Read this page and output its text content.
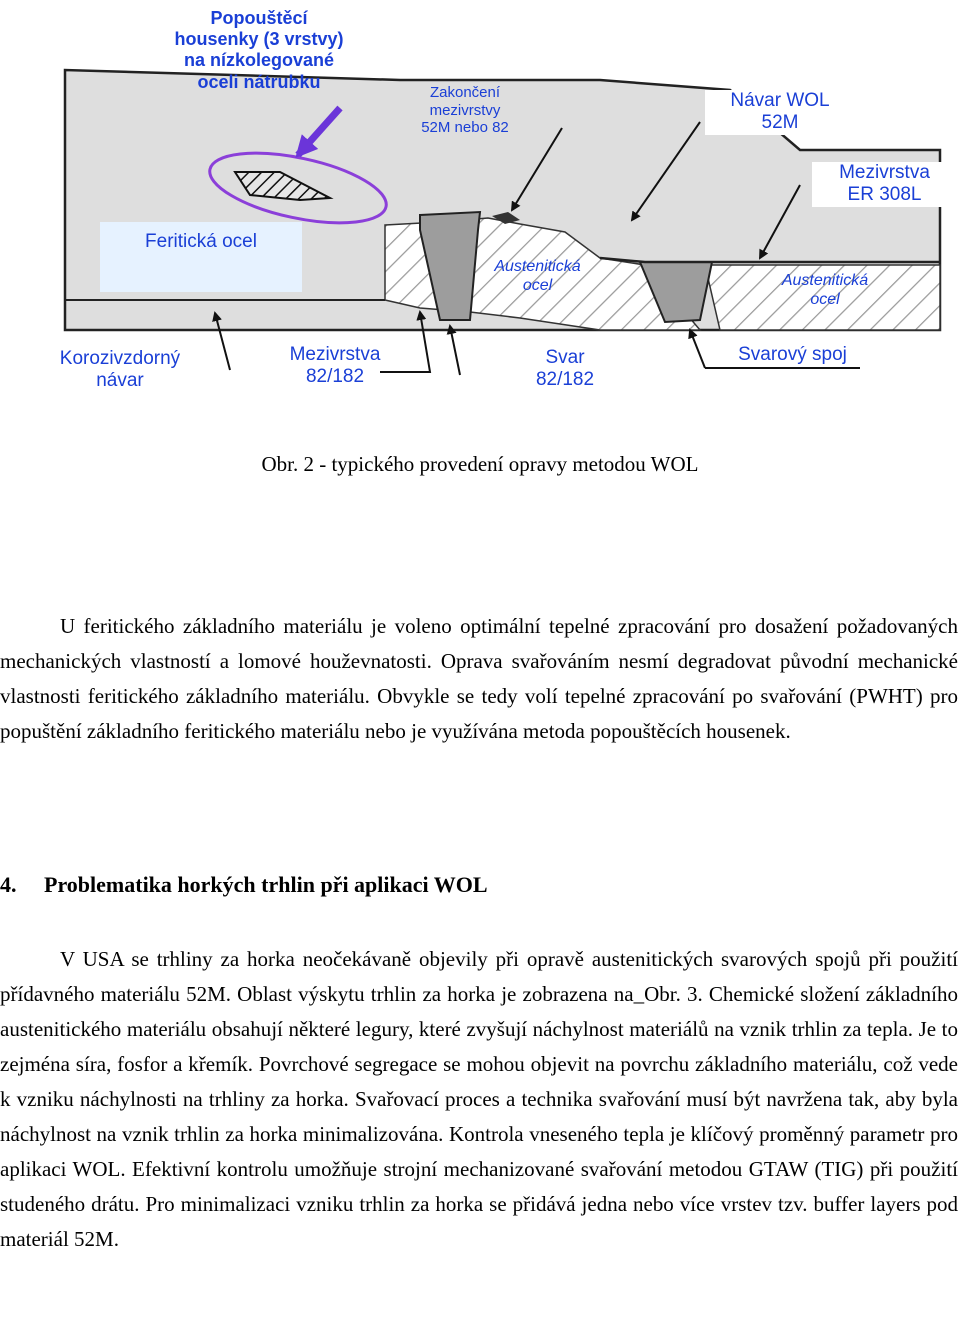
Popouštěcí
housenky (3 vrstvy)
na nízkolegované
oceli nátrubku
Zakončení
mezivrstvy
52M nebo 82
Návar WOL
52M
Mezivrstva
ER 308L
Feritická ocel
Austenitická
ocel	Austenitická
ocel
Korozivzdorný
návar
Mezivrstva
82/182
Svar
82/182
Svarový spoj
Obr. 2 - typického provedení opravy metodou WOL

U feritického základního materiálu je voleno optimální tepelné zpracování pro dosažení požadovaných mechanických vlastností a lomové houževnatosti. Oprava svařováním nesmí degradovat původní mechanické vlastnosti feritického základního materiálu. Obvykle se tedy volí tepelné zpracování po svařování (PWHT) pro popuštění základního feritického materiálu nebo je využívána metoda popouštěcích housenek.

4. Problematika horkých trhlin při aplikaci WOL

V USA se trhliny za horka neočekávaně objevily při opravě austenitických svarových spojů při použití přídavného materiálu 52M. Oblast výskytu trhlin za horka je zobrazena na_Obr. 3. Chemické složení základního austenitického materiálu obsahují některé legury, které zvyšují náchylnost materiálů na vznik trhlin za tepla. Je to zejména síra, fosfor a křemík. Povrchové segregace se mohou objevit na povrchu základního materiálu, což vede k vzniku náchylnosti na trhliny za horka. Svařovací proces a technika svařování musí být navržena tak, aby byla náchylnost na vznik trhlin za horka minimalizována. Kontrola vneseného tepla je klíčový proměnný parametr pro aplikaci WOL. Efektivní kontrolu umožňuje strojní mechanizované svařování metodou GTAW (TIG) při použití studeného drátu. Pro minimalizaci vzniku trhlin za horka se přidává jedna nebo více vrstev tzv. buffer layers pod materiál 52M.
